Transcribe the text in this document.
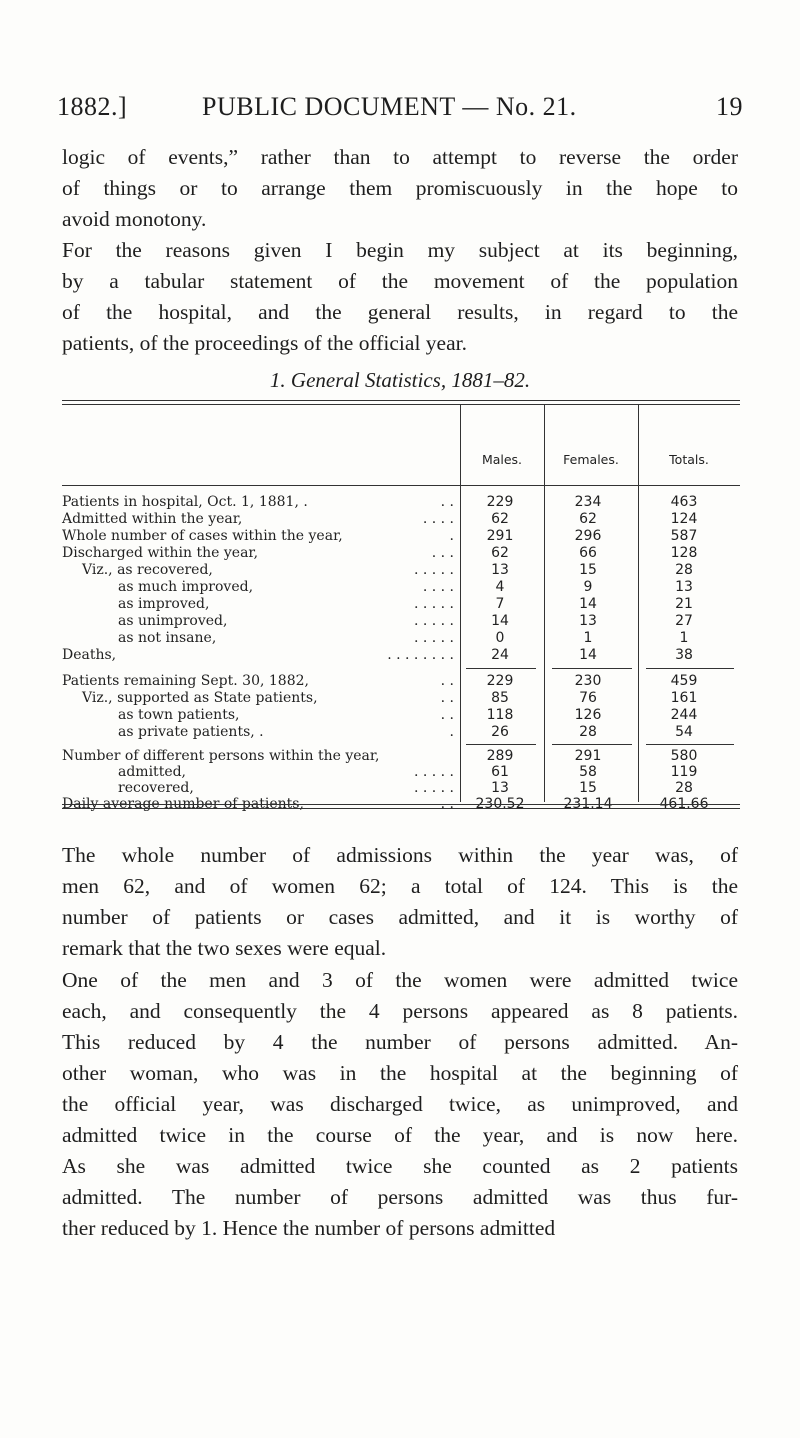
1882.]	PUBLIC DOCUMENT — No. 21.	19
logic of events,” rather than to attempt to reverse the order
of things or to arrange them promiscuously in the hope to
avoid monotony.
For the reasons given I begin my subject at its beginning,
by a tabular statement of the movement of the population
of the hospital, and the general results, in regard to the
patients, of the proceedings of the official year.
1. General Statistics, 1881–82.
Males.	Females.	Totals.
Patients in hospital, Oct. 1, 1881, .	. .	229	234	463
Admitted within the year,	. . . .	62	62	124
Whole number of cases within the year,	.	291	296	587
Discharged within the year,	. . .	62	66	128
Viz., as recovered,	. . . . .	13	15	28
as much improved,	. . . .	4	9	13
as improved,	. . . . .	7	14	21
as unimproved,	. . . . .	14	13	27
as not insane,	. . . . .	0	1	1
Deaths,	. . . . . . . .	24	14	38
Patients remaining Sept. 30, 1882,	. .	229	230	459
Viz., supported as State patients,	. .	85	76	161
as town patients,	. .	118	126	244
as private patients, .	.	26	28	54
Number of different persons within the year,	289	291	580
admitted,	. . . . .	61	58	119
recovered,	. . . . .	13	15	28
Daily average number of patients,	. .	230.52	231.14	461.66
The whole number of admissions within the year was, of
men 62, and of women 62; a total of 124. This is the
number of patients or cases admitted, and it is worthy of
remark that the two sexes were equal.
One of the men and 3 of the women were admitted twice
each, and consequently the 4 persons appeared as 8 patients.
This reduced by 4 the number of persons admitted. An-
other woman, who was in the hospital at the beginning of
the official year, was discharged twice, as unimproved, and
admitted twice in the course of the year, and is now here.
As she was admitted twice she counted as 2 patients
admitted. The number of persons admitted was thus fur-
ther reduced by 1. Hence the number of persons admitted
